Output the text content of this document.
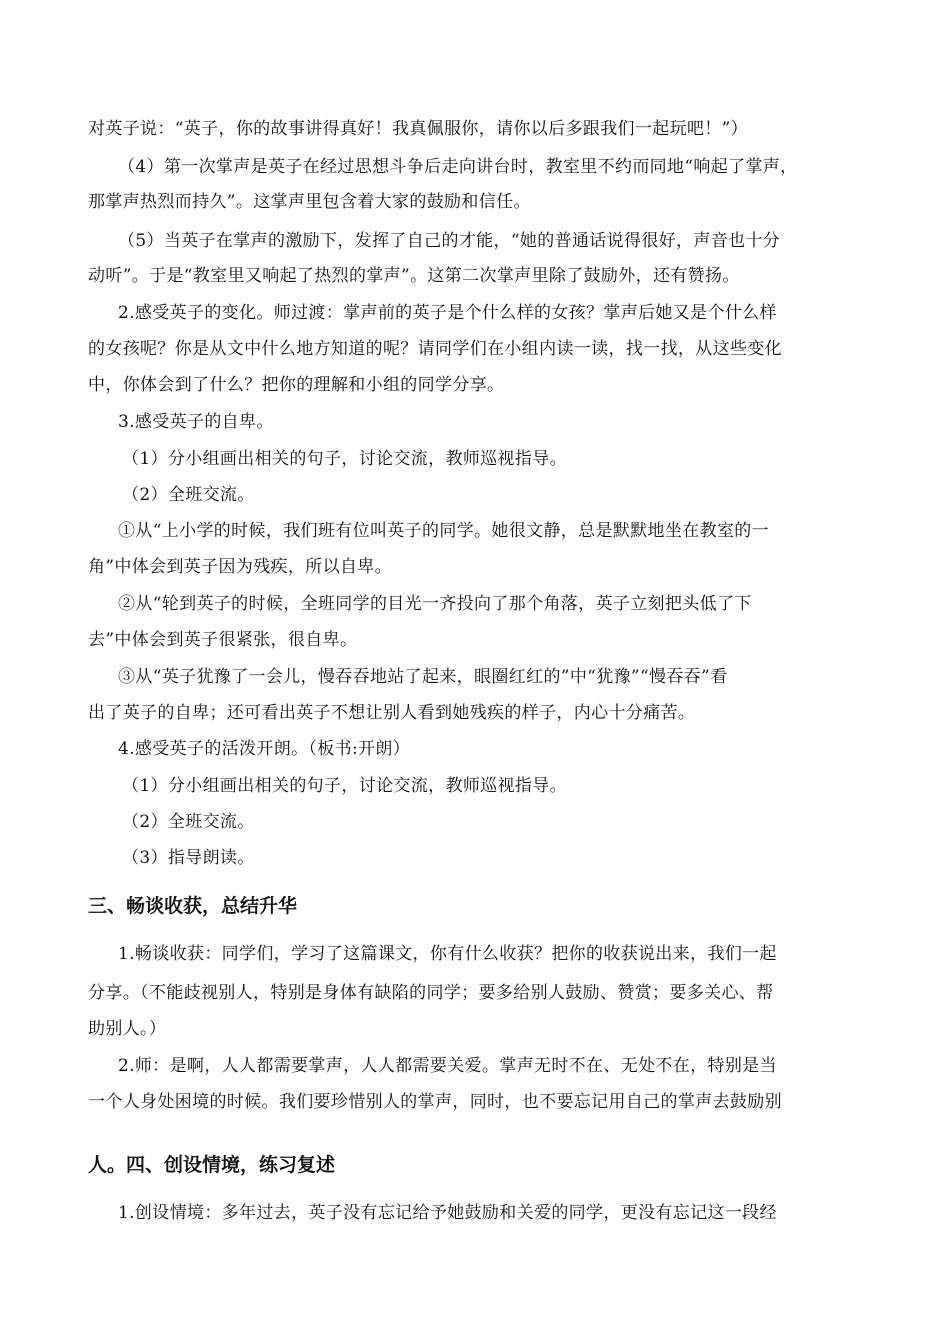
对英子说：“英子，你的故事讲得真好！我真佩服你，请你以后多跟我们一起玩吧！”）
（4）第一次掌声是英子在经过思想斗争后走向讲台时，教室里不约而同地“响起了掌声，
那掌声热烈而持久”。这掌声里包含着大家的鼓励和信任。
（5）当英子在掌声的激励下，发挥了自己的才能，“她的普通话说得很好，声音也十分
动听”。于是“教室里又响起了热烈的掌声”。这第二次掌声里除了鼓励外，还有赞扬。
2.感受英子的变化。师过渡：掌声前的英子是个什么样的女孩？掌声后她又是个什么样
的女孩呢？你是从文中什么地方知道的呢？请同学们在小组内读一读，找一找，从这些变化
中，你体会到了什么？把你的理解和小组的同学分享。
3.感受英子的自卑。
（1）分小组画出相关的句子，讨论交流，教师巡视指导。
（2）全班交流。
①从“上小学的时候，我们班有位叫英子的同学。她很文静，总是默默地坐在教室的一
角”中体会到英子因为残疾，所以自卑。
②从“轮到英子的时候，全班同学的目光一齐投向了那个角落，英子立刻把头低了下
去”中体会到英子很紧张，很自卑。
③从“英子犹豫了一会儿，慢吞吞地站了起来，眼圈红红的”中“犹豫”“慢吞吞”看
出了英子的自卑；还可看出英子不想让别人看到她残疾的样子，内心十分痛苦。
4.感受英子的活泼开朗。（板书:开朗）
（1）分小组画出相关的句子，讨论交流，教师巡视指导。
（2）全班交流。
（3）指导朗读。
三、畅谈收获，总结升华
1.畅谈收获：同学们，学习了这篇课文，你有什么收获？把你的收获说出来，我们一起
分享。（不能歧视别人，特别是身体有缺陷的同学；要多给别人鼓励、赞赏；要多关心、帮
助别人。）
2.师：是啊，人人都需要掌声，人人都需要关爱。掌声无时不在、无处不在，特别是当
一个人身处困境的时候。我们要珍惜别人的掌声，同时，也不要忘记用自己的掌声去鼓励别
人。四、创设情境，练习复述
1.创设情境：多年过去，英子没有忘记给予她鼓励和关爱的同学，更没有忘记这一段经
